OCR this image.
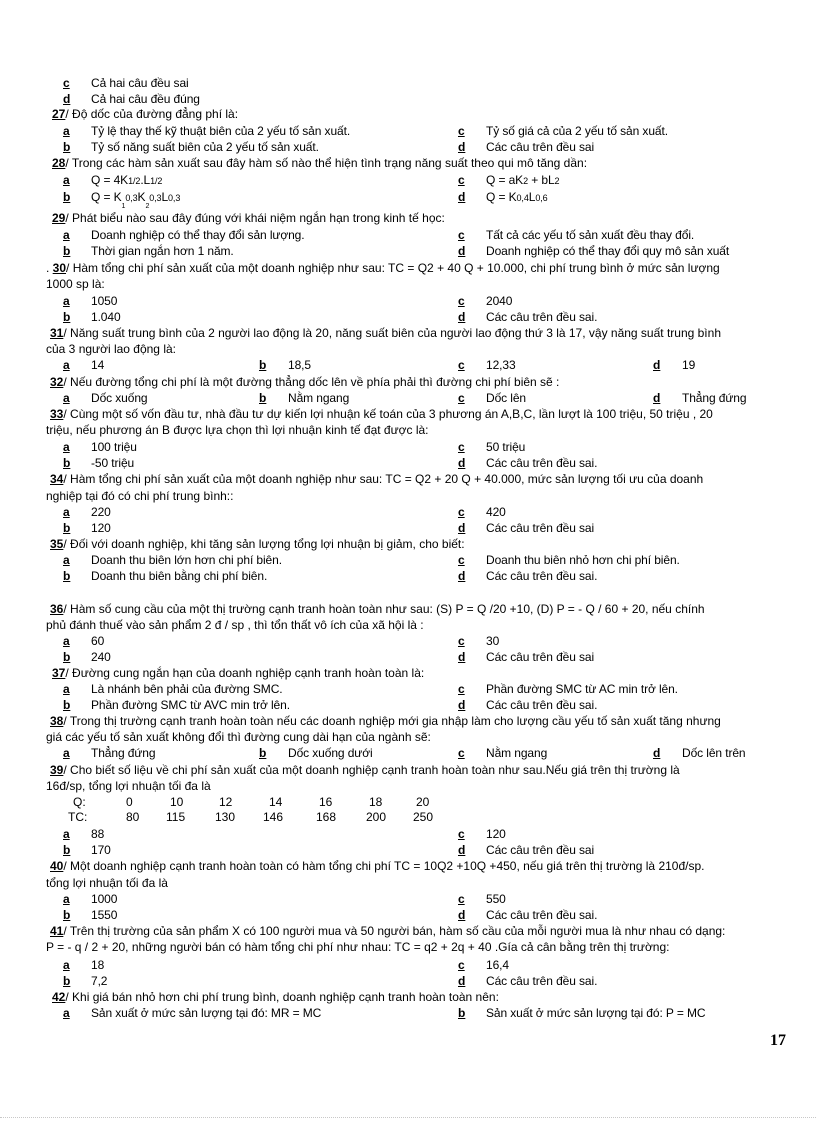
c Cả hai câu đều sai
d Cả hai câu đều đúng
27/ Độ dốc của đường đẳng phí là:
a Tỷ lệ thay thế kỹ thuật biên của 2 yếu tố sản xuất.	c Tỷ số giá cả của 2 yếu tố sản xuất.
b Tỷ số năng suất biên của 2 yếu tố sản xuất.	d Các câu trên đều sai
28/ Trong các hàm sản xuất sau đây hàm số nào thể hiện tình trạng năng suất theo qui mô tăng dần:
a Q = 4K1/2.L1/2	c Q = aK2 + bL2
b $Q = K_10,3K_20,3L0,3$	d Q = K0,4L0,6
29/ Phát biểu nào sau đây đúng với khái niệm ngắn hạn trong kinh tế học:
a Doanh nghiệp có thể thay đổi sản lượng.	c Tất cả các yếu tố sản xuất đều thay đổi.
b Thời gian ngắn hơn 1 năm.	d Doanh nghiệp có thể thay đổi quy mô sản xuất
. 30/ Hàm tổng chi phí sản xuất của một doanh nghiệp như sau: TC = Q2 + 40 Q + 10.000, chi phí trung bình ở mức sản lượng
1000 sp là:
a 1050	c 2040
b 1.040	d Các câu trên đều sai.
31/ Năng suất trung bình của 2 người lao động là 20, năng suất biên của người lao động thứ 3 là 17, vậy năng suất trung bình
của 3 người lao động là:
a 14	b 18,5	c 12,33	d 19
32/ Nếu đường tổng chi phí là một đường thẳng dốc lên về phía phải thì đường chi phí biên sẽ :
a Dốc xuống	b Nằm ngang	c Dốc lên	d Thẳng đứng
33/ Cùng một số vốn đầu tư, nhà đầu tư dự kiến lợi nhuận kế toán của 3 phương án A,B,C, lần lượt là 100 triệu, 50 triệu , 20
triệu, nếu phương án B được lựa chọn thì lợi nhuận kinh tế đạt được là:
a 100 triệu	c 50 triệu
b -50 triệu	d Các câu trên đều sai.
34/ Hàm tổng chi phí sản xuất của một doanh nghiệp như sau: TC = Q2 + 20 Q + 40.000, mức sản lượng tối ưu của doanh
nghiệp tại đó có chi phí trung bình::
a 220	c 420
b 120	d Các câu trên đều sai
35/ Đối với doanh nghiệp, khi tăng sản lượng tổng lợi nhuận bị giảm, cho biết:
a Doanh thu biên lớn hơn chi phí biên.	c Doanh thu biên nhỏ hơn chi phí biên.
b Doanh thu biên bằng chi phí biên.	d Các câu trên đều sai.
36/ Hàm số cung cầu của một thị trường cạnh tranh hoàn toàn như sau: (S) P = Q /20 +10, (D) P = - Q / 60 + 20, nếu chính
phủ đánh thuế vào sản phẩm 2 đ / sp , thì tổn thất vô ích của xã hội là :
a 60	c 30
b 240	d Các câu trên đều sai
37/ Đường cung ngắn hạn của doanh nghiệp cạnh tranh hoàn toàn là:
a Là nhánh bên phải của đường SMC.	c Phần đường SMC từ AC min trở lên.
b Phần đường SMC từ AVC min trở lên.	d Các câu trên đều sai.
38/ Trong thị trường cạnh tranh hoàn toàn nếu các doanh nghiệp mới gia nhập làm cho lượng cầu yếu tố sản xuất tăng nhưng
giá các yếu tố sản xuất không đổi thì đường cung dài hạn của ngành sẽ:
a Thẳng đứng	b Dốc xuống dưới	c Nằm ngang	d Dốc lên trên
39/ Cho biết số liệu về chi phí sản xuất của một doanh nghiệp cạnh tranh hoàn toàn như sau.Nếu giá trên thị trường là
16đ/sp, tổng lợi nhuận tối đa là
Q:	0	10	12	14	16	18	20
TC:	80 115 130 146	168 200 250
a 88	c 120
b 170	d Các câu trên đều sai
40/ Một doanh nghiệp cạnh tranh hoàn toàn có hàm tổng chi phí TC = 10Q2 +10Q +450, nếu giá trên thị trường là 210đ/sp.
tổng lợi nhuận tối đa là
a 1000	c 550
b 1550	d Các câu trên đều sai.
41/ Trên thị trường của sản phẩm X có 100 người mua và 50 người bán, hàm số cầu của mỗi người mua là như nhau có dạng:
P = - q / 2 + 20, những người bán có hàm tổng chi phí như nhau: TC = q2 + 2q + 40 .Gía cả cân bằng trên thị trường:
a 18	c 16,4
b 7,2	d Các câu trên đều sai.
42/ Khi giá bán nhỏ hơn chi phí trung bình, doanh nghiệp cạnh tranh hoàn toàn nên:
a Sản xuất ở mức sản lượng tại đó: MR = MC	b Sản xuất ở mức sản lượng tại đó: P = MC
17
